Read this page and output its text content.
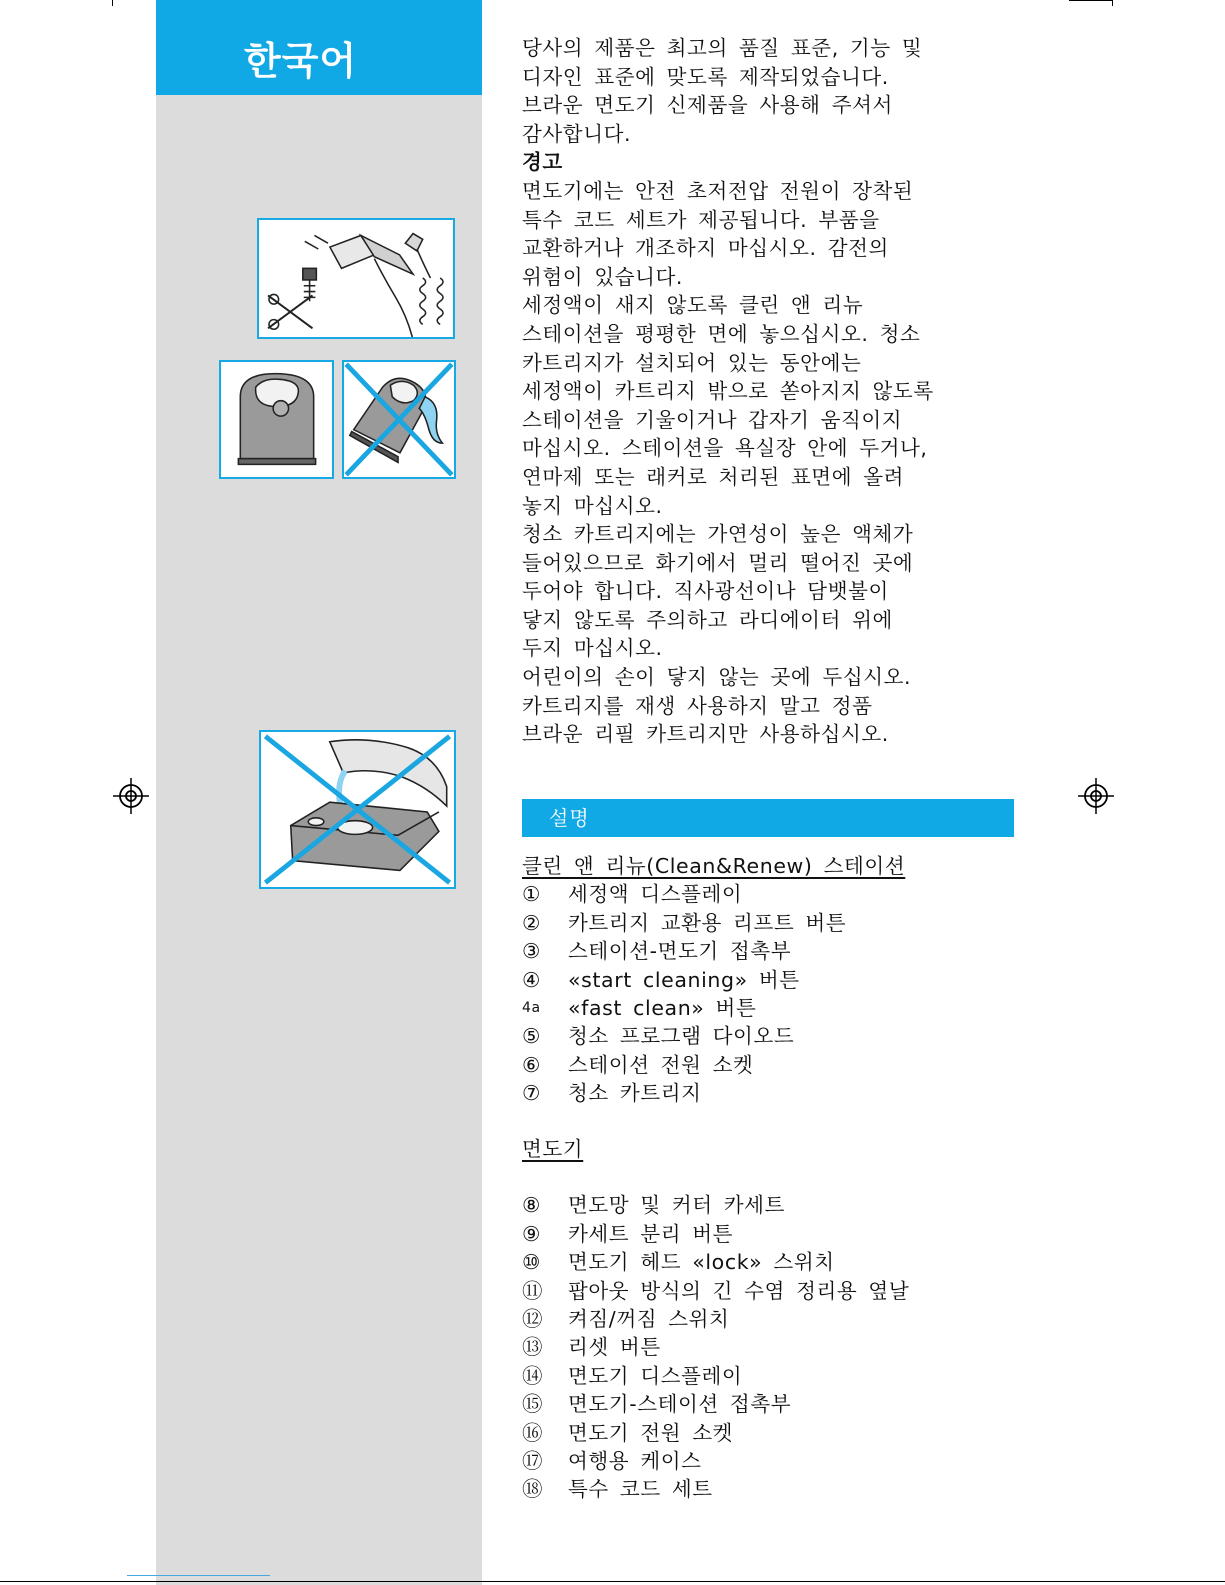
한국어	당사의 제품은 최고의 품질 표준, 기능 및

디자인 표준에 맞도록 제작되었습니다.

브라운 면도기 신제품을 사용해 주셔서

감사합니다.

경고

면도기에는 안전 초저전압 전원이 장착된

특수 코드 세트가 제공됩니다. 부품을

교환하거나 개조하지 마십시오. 감전의

위험이 있습니다.

세정액이 새지 않도록 클린 앤 리뉴

스테이션을 평평한 면에 놓으십시오. 청소

카트리지가 설치되어 있는 동안에는

세정액이 카트리지 밖으로 쏟아지지 않도록

스테이션을 기울이거나 갑자기 움직이지

마십시오. 스테이션을 욕실장 안에 두거나,

연마제 또는 래커로 처리된 표면에 올려

놓지 마십시오.

청소 카트리지에는 가연성이 높은 액체가

들어있으므로 화기에서 멀리 떨어진 곳에

두어야 합니다. 직사광선이나 담뱃불이

닿지 않도록 주의하고 라디에이터 위에

두지 마십시오.

어린이의 손이 닿지 않는 곳에 두십시오.

카트리지를 재생 사용하지 말고 정품

브라운 리필 카트리지만 사용하십시오.

설명
클린 앤 리뉴(Clean&Renew) 스테이션
①	세정액 디스플레이
②	카트리지 교환용 리프트 버튼
③	스테이션-면도기 접촉부
④	«start cleaning» 버튼
4a	«fast clean» 버튼
⑤	청소 프로그램 다이오드
⑥	스테이션 전원 소켓
⑦	청소 카트리지
면도기
⑧	면도망 및 커터 카세트
⑨	카세트 분리 버튼
⑩	면도기 헤드 «lock» 스위치
⑪	팝아웃 방식의 긴 수염 정리용 옆날
⑫	켜짐/꺼짐 스위치
⑬	리셋 버튼
⑭	면도기 디스플레이
⑮	면도기-스테이션 접촉부
⑯	면도기 전원 소켓
⑰	여행용 케이스
⑱	특수 코드 세트
